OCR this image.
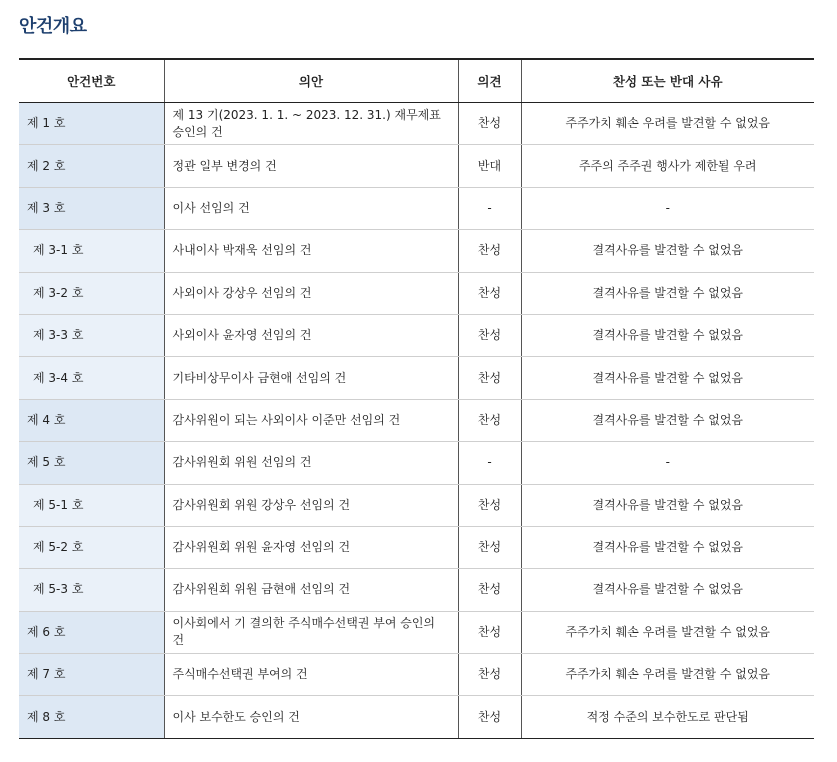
안건개요
안건번호	의안	의견	찬성 또는 반대 사유
제 1 호	제 13 기(2023. 1. 1. ~ 2023. 12. 31.) 재무제표 승인의 건	찬성	주주가치 훼손 우려를 발견할 수 없었음
제 2 호	정관 일부 변경의 건	반대	주주의 주주권 행사가 제한될 우려
제 3 호	이사 선임의 건	-	-
제 3-1 호	사내이사 박재욱 선임의 건	찬성	결격사유를 발견할 수 없었음
제 3-2 호	사외이사 강상우 선임의 건	찬성	결격사유를 발견할 수 없었음
제 3-3 호	사외이사 윤자영 선임의 건	찬성	결격사유를 발견할 수 없었음
제 3-4 호	기타비상무이사 금현애 선임의 건	찬성	결격사유를 발견할 수 없었음
제 4 호	감사위원이 되는 사외이사 이준만 선임의 건	찬성	결격사유를 발견할 수 없었음
제 5 호	감사위원회 위원 선임의 건	-	-
제 5-1 호	감사위원회 위원 강상우 선임의 건	찬성	결격사유를 발견할 수 없었음
제 5-2 호	감사위원회 위원 윤자영 선임의 건	찬성	결격사유를 발견할 수 없었음
제 5-3 호	감사위원회 위원 금현애 선임의 건	찬성	결격사유를 발견할 수 없었음
제 6 호	이사회에서 기 결의한 주식매수선택권 부여 승인의 건	찬성	주주가치 훼손 우려를 발견할 수 없었음
제 7 호	주식매수선택권 부여의 건	찬성	주주가치 훼손 우려를 발견할 수 없었음
제 8 호	이사 보수한도 승인의 건	찬성	적정 수준의 보수한도로 판단됨
